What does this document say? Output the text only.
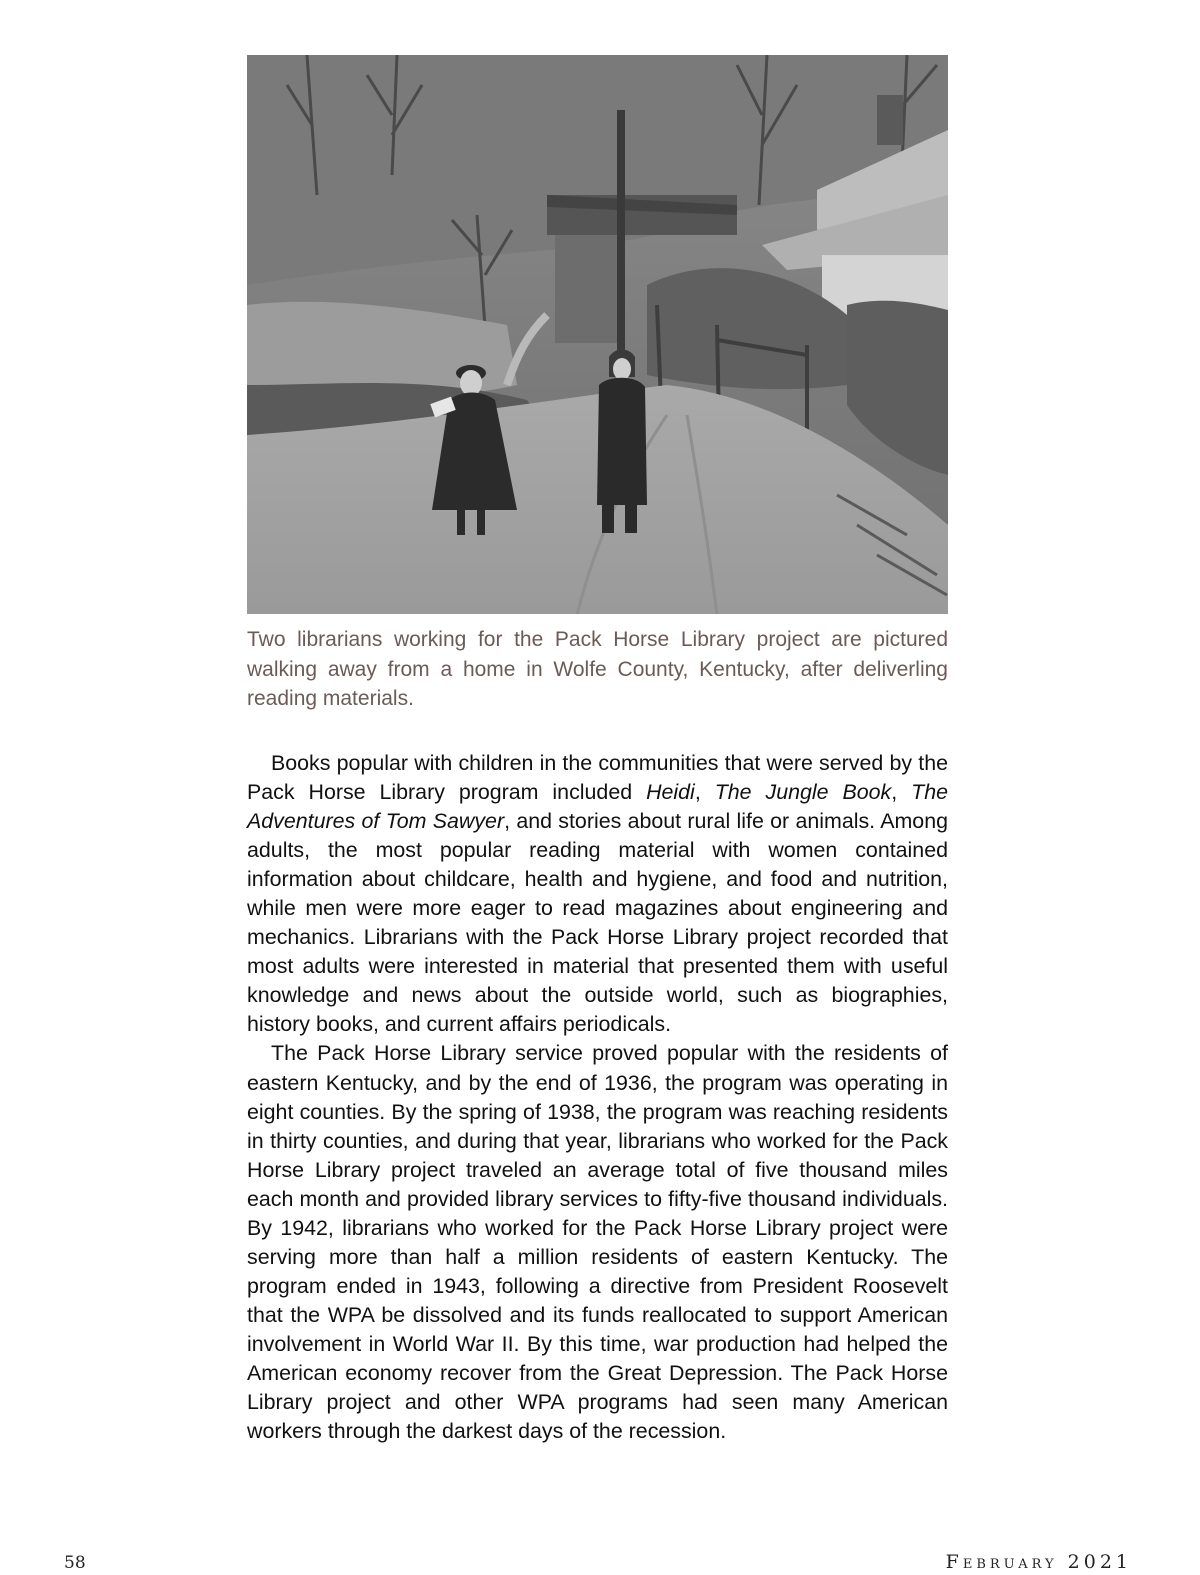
Two librarians working for the Pack Horse Library project are pictured walking away from a home in Wolfe County, Kentucky, after deliverling reading materials.

Books popular with children in the communities that were served by the Pack Horse Library program included Heidi, The Jungle Book, The Adventures of Tom Sawyer, and stories about rural life or animals. Among adults, the most popular reading material with women contained information about childcare, health and hygiene, and food and nutrition, while men were more eager to read magazines about engineering and mechanics. Librarians with the Pack Horse Library project recorded that most adults were interested in material that presented them with useful knowledge and news about the outside world, such as biographies, history books, and current affairs periodicals.

The Pack Horse Library service proved popular with the residents of eastern Kentucky, and by the end of 1936, the program was operating in eight counties. By the spring of 1938, the program was reaching residents in thirty counties, and during that year, librarians who worked for the Pack Horse Library project traveled an average total of five thousand miles each month and provided library services to fifty-five thousand individuals. By 1942, librarians who worked for the Pack Horse Library project were serving more than half a million residents of eastern Kentucky. The program ended in 1943, following a directive from President Roosevelt that the WPA be dissolved and its funds reallocated to support American involvement in World War II. By this time, war production had helped the American economy recover from the Great Depression. The Pack Horse Library project and other WPA programs had seen many American workers through the darkest days of the recession.

58	February 2021
